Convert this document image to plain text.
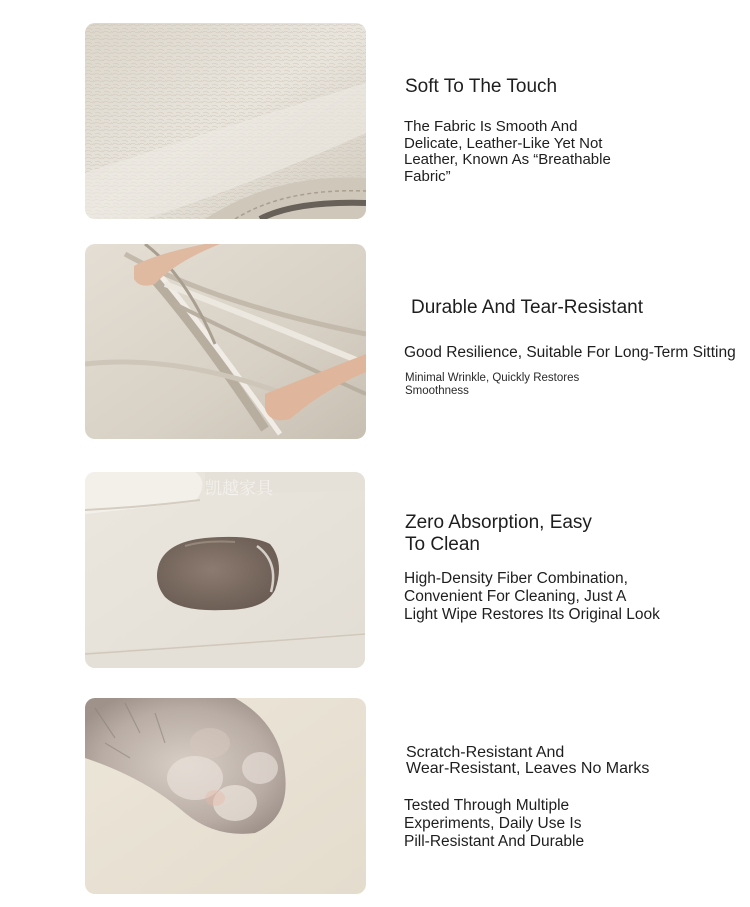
Soft To The Touch
The Fabric Is Smooth And
Delicate, Leather-Like Yet Not
Leather, Known As “Breathable
Fabric”
Durable And Tear-Resistant
Good Resilience, Suitable For Long-Term Sitting
Minimal Wrinkle, Quickly Restores
Smoothness
凯越家具
Zero Absorption, Easy
To Clean
High-Density Fiber Combination,
Convenient For Cleaning, Just A
Light Wipe Restores Its Original Look
Scratch-Resistant And
Wear-Resistant, Leaves No Marks
Tested Through Multiple
Experiments, Daily Use Is
Pill-Resistant And Durable
